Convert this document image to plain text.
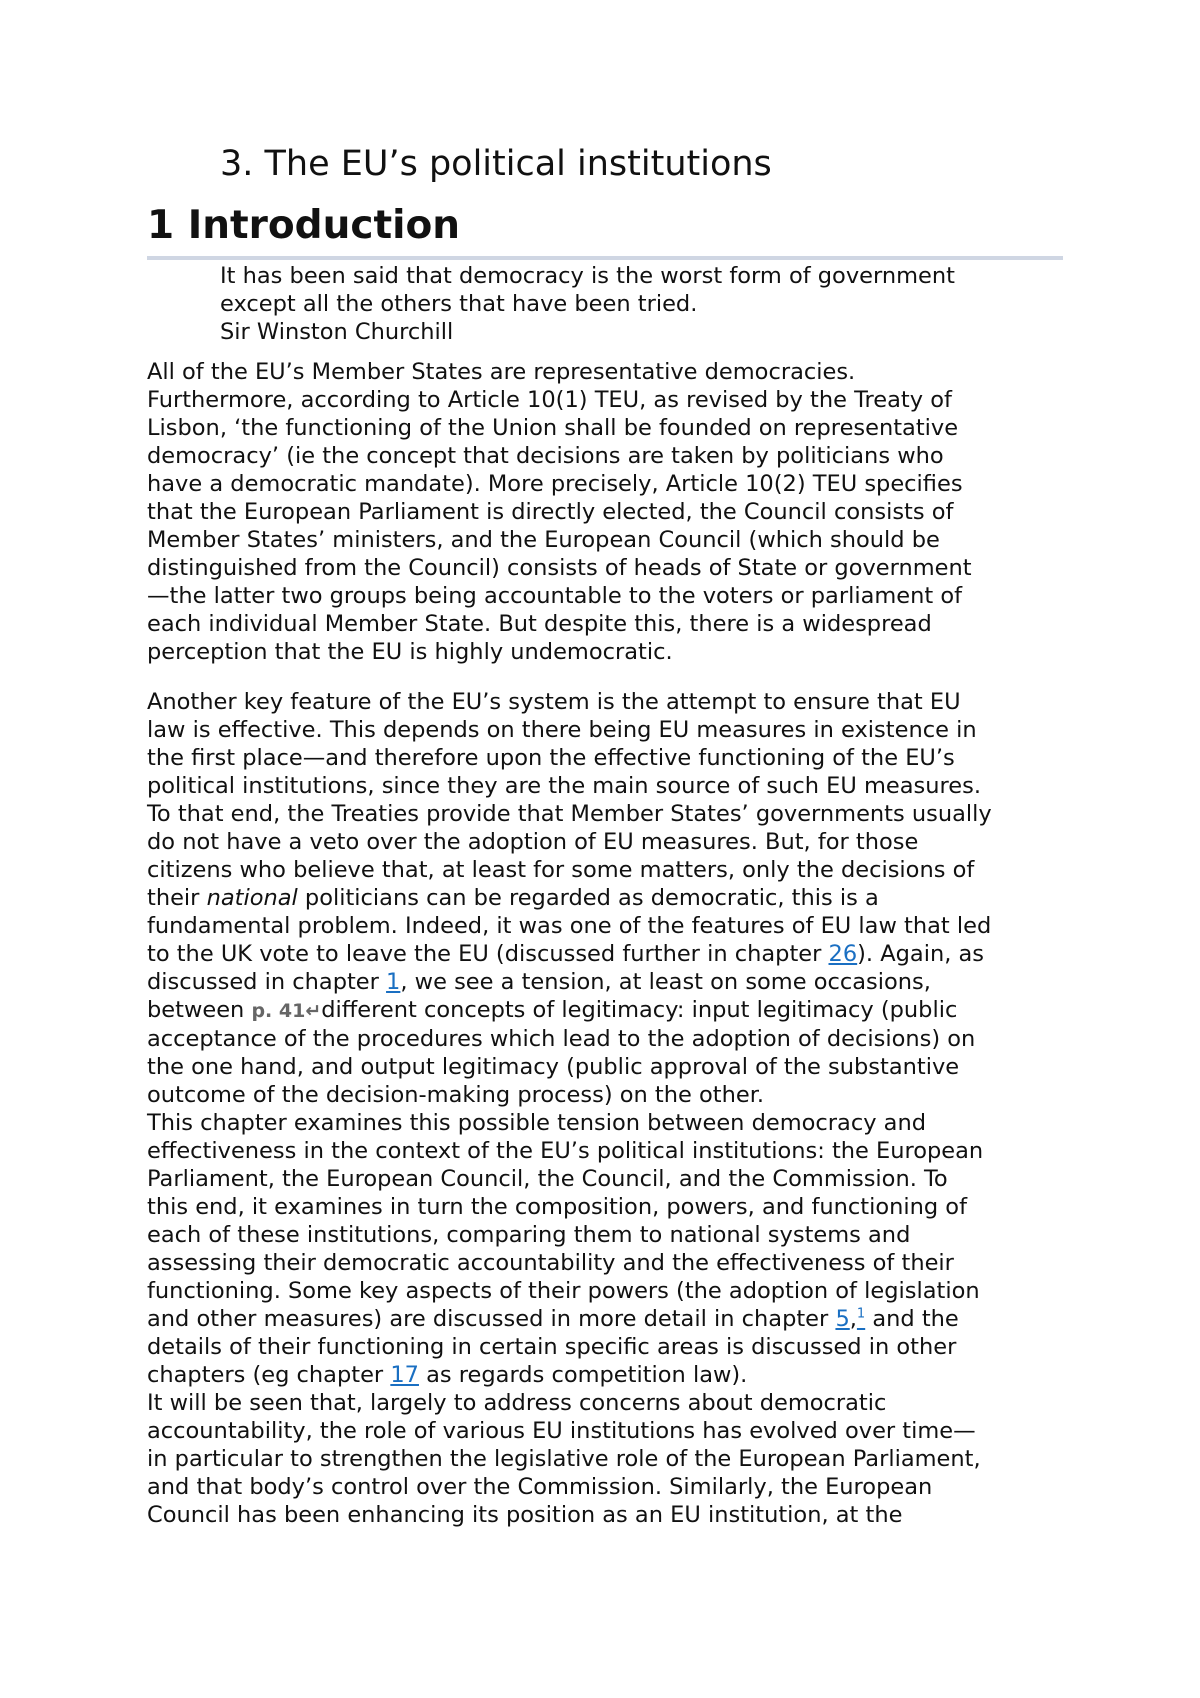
3. The EU’s political institutions
1 Introduction
It has been said that democracy is the worst form of government
except all the others that have been tried.
Sir Winston Churchill

All of the EU’s Member States are representative democracies.
Furthermore, according to Article 10(1) TEU, as revised by the Treaty of
Lisbon, ‘the functioning of the Union shall be founded on representative
democracy’ (ie the concept that decisions are taken by politicians who
have a democratic mandate). More precisely, Article 10(2) TEU specifies
that the European Parliament is directly elected, the Council consists of
Member States’ ministers, and the European Council (which should be
distinguished from the Council) consists of heads of State or government
—the latter two groups being accountable to the voters or parliament of
each individual Member State. But despite this, there is a widespread
perception that the EU is highly undemocratic.

Another key feature of the EU’s system is the attempt to ensure that EU
law is effective. This depends on there being EU measures in existence in
the first place—and therefore upon the effective functioning of the EU’s
political institutions, since they are the main source of such EU measures.
To that end, the Treaties provide that Member States’ governments usually
do not have a veto over the adoption of EU measures. But, for those
citizens who believe that, at least for some matters, only the decisions of
their national politicians can be regarded as democratic, this is a
fundamental problem. Indeed, it was one of the features of EU law that led
to the UK vote to leave the EU (discussed further in chapter 26). Again, as
discussed in chapter 1, we see a tension, at least on some occasions,
between p. 41↵different concepts of legitimacy: input legitimacy (public
acceptance of the procedures which lead to the adoption of decisions) on
the one hand, and output legitimacy (public approval of the substantive
outcome of the decision-making process) on the other.

This chapter examines this possible tension between democracy and
effectiveness in the context of the EU’s political institutions: the European
Parliament, the European Council, the Council, and the Commission. To
this end, it examines in turn the composition, powers, and functioning of
each of these institutions, comparing them to national systems and
assessing their democratic accountability and the effectiveness of their
functioning. Some key aspects of their powers (the adoption of legislation
and other measures) are discussed in more detail in chapter 5,$^1$ and the
details of their functioning in certain specific areas is discussed in other
chapters (eg chapter 17 as regards competition law).

It will be seen that, largely to address concerns about democratic
accountability, the role of various EU institutions has evolved over time—
in particular to strengthen the legislative role of the European Parliament,
and that body’s control over the Commission. Similarly, the European
Council has been enhancing its position as an EU institution, at the
